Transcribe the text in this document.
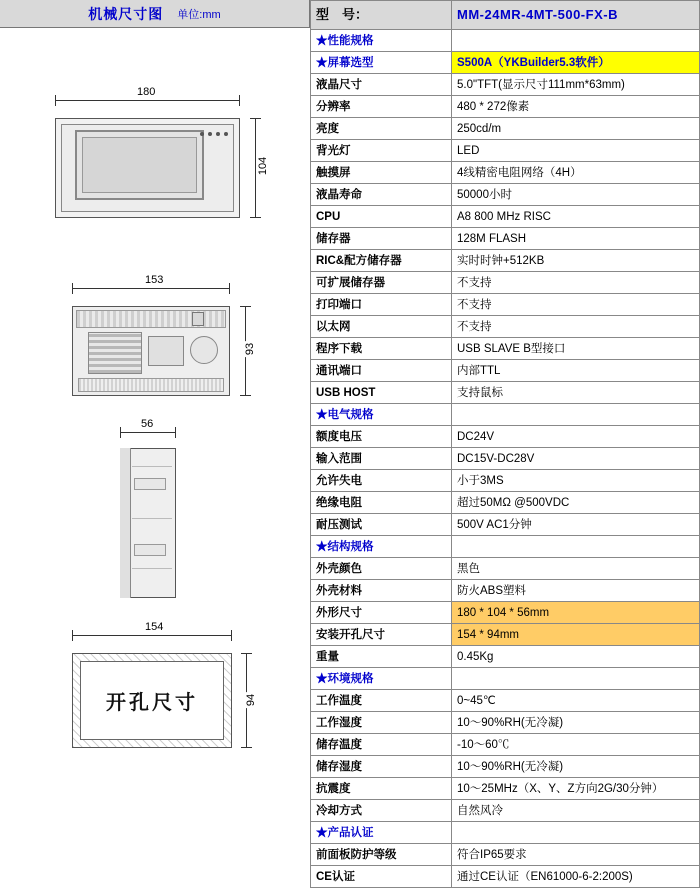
机械尺寸图 单位:mm
180
104
153
93
56
154
94
开孔尺寸
型　号：	MM-24MR-4MT-500-FX-B
★性能规格	
★屏幕选型	S500A（YKBuilder5.3软件）
液晶尺寸	5.0"TFT(显示尺寸111mm*63mm)
分辨率	480 * 272像素
亮度	250cd/m
背光灯	LED
触摸屏	4线精密电阻网络（4H）
液晶寿命	50000小时
CPU	A8 800 MHz RISC
储存器	128M FLASH
RIC&配方储存器	实时时钟+512KB
可扩展储存器	不支持
打印端口	不支持
以太网	不支持
程序下载	USB SLAVE B型接口
通讯端口	内部TTL
USB HOST	支持鼠标
★电气规格	
额度电压	DC24V
输入范围	DC15V-DC28V
允许失电	小于3MS
绝缘电阻	超过50MΩ @500VDC
耐压测试	500V AC1分钟
★结构规格	
外壳颜色	黑色
外壳材料	防火ABS塑料
外形尺寸	180 * 104 * 56mm
安装开孔尺寸	154 * 94mm
重量	0.45Kg
★环境规格	
工作温度	0~45℃
工作湿度	10～90%RH(无冷凝)
储存温度	-10～60℃
储存湿度	10～90%RH(无冷凝)
抗震度	10～25MHz（X、Y、Z方向2G/30分钟）
冷却方式	自然风冷
★产品认证	
前面板防护等级	符合IP65要求
CE认证	通过CE认证（EN61000-6-2:200S)
